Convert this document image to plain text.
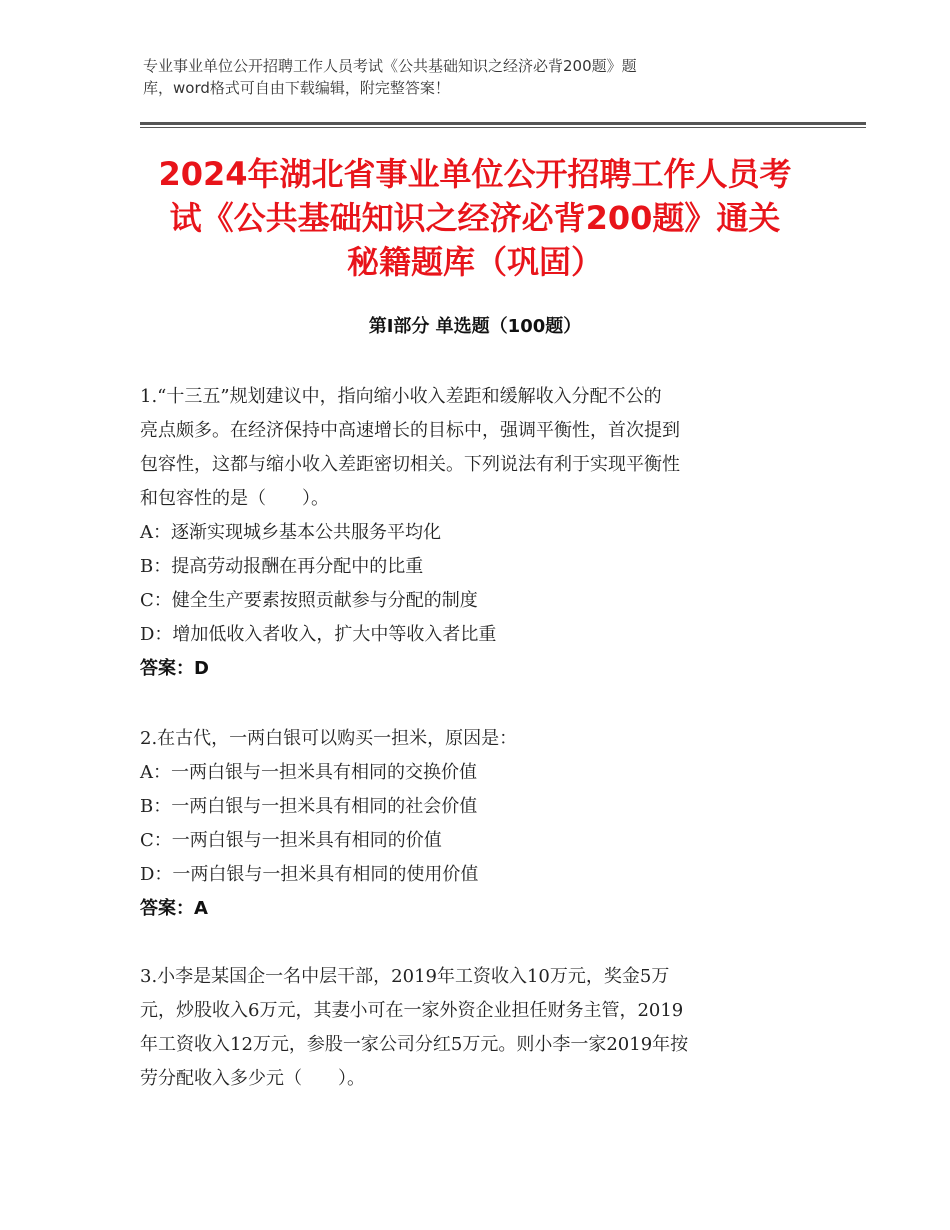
专业事业单位公开招聘工作人员考试《公共基础知识之经济必背200题》题
库，word格式可自由下载编辑，附完整答案！
2024年湖北省事业单位公开招聘工作人员考
试《公共基础知识之经济必背200题》通关
秘籍题库（巩固）
第Ⅰ部分 单选题（100题）
1.“十三五”规划建议中，指向缩小收入差距和缓解收入分配不公的
亮点颇多。在经济保持中高速增长的目标中，强调平衡性，首次提到
包容性，这都与缩小收入差距密切相关。下列说法有利于实现平衡性
和包容性的是（　　）。
A：逐渐实现城乡基本公共服务平均化
B：提高劳动报酬在再分配中的比重
C：健全生产要素按照贡献参与分配的制度
D：增加低收入者收入，扩大中等收入者比重
答案：D
2.在古代，一两白银可以购买一担米，原因是：
A：一两白银与一担米具有相同的交换价值
B：一两白银与一担米具有相同的社会价值
C：一两白银与一担米具有相同的价值
D：一两白银与一担米具有相同的使用价值
答案：A
3.小李是某国企一名中层干部，2019年工资收入10万元，奖金5万
元，炒股收入6万元，其妻小可在一家外资企业担任财务主管，2019
年工资收入12万元，参股一家公司分红5万元。则小李一家2019年按
劳分配收入多少元（　　）。
